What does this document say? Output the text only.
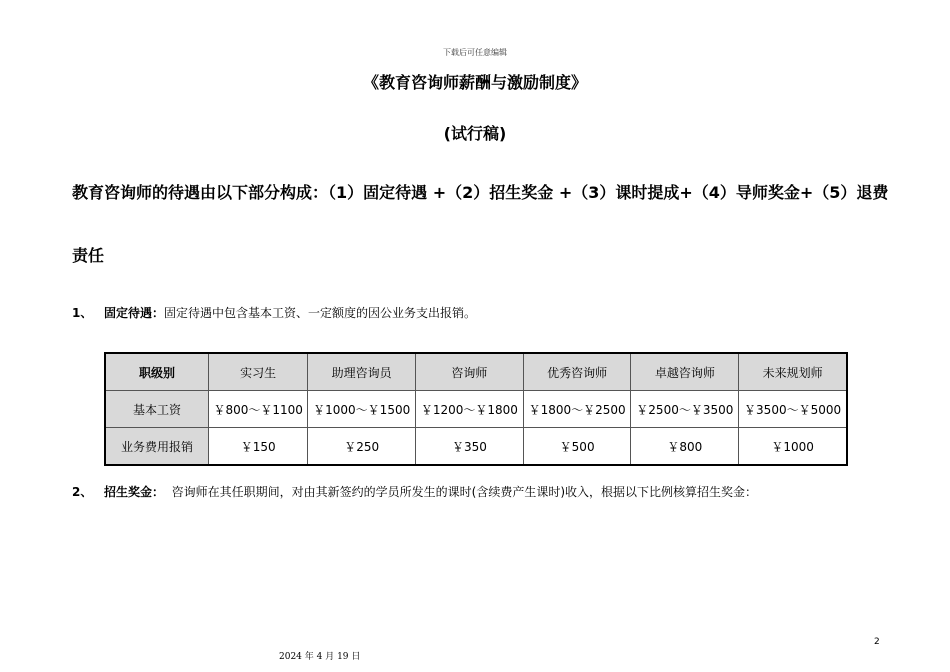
下载后可任意编辑
《教育咨询师薪酬与激励制度》
(试行稿)
教育咨询师的待遇由以下部分构成：（1）固定待遇 +（2）招生奖金 +（3）课时提成+（4）导师奖金+（5）退费
责任
1、 固定待遇：固定待遇中包含基本工资、一定额度的因公业务支出报销。
职级别	实习生	助理咨询员	咨询师	优秀咨询师	卓越咨询师	未来规划师
基本工资	￥800～￥1100	￥1000～￥1500	￥1200～￥1800	￥1800～￥2500	￥2500～￥3500	￥3500～￥5000
业务费用报销	￥150	￥250	￥350	￥500	￥800	￥1000
2、 招生奖金： 咨询师在其任职期间，对由其新签约的学员所发生的课时(含续费产生课时)收入，根据以下比例核算招生奖金：
2
2024 年 4 月 19 日
